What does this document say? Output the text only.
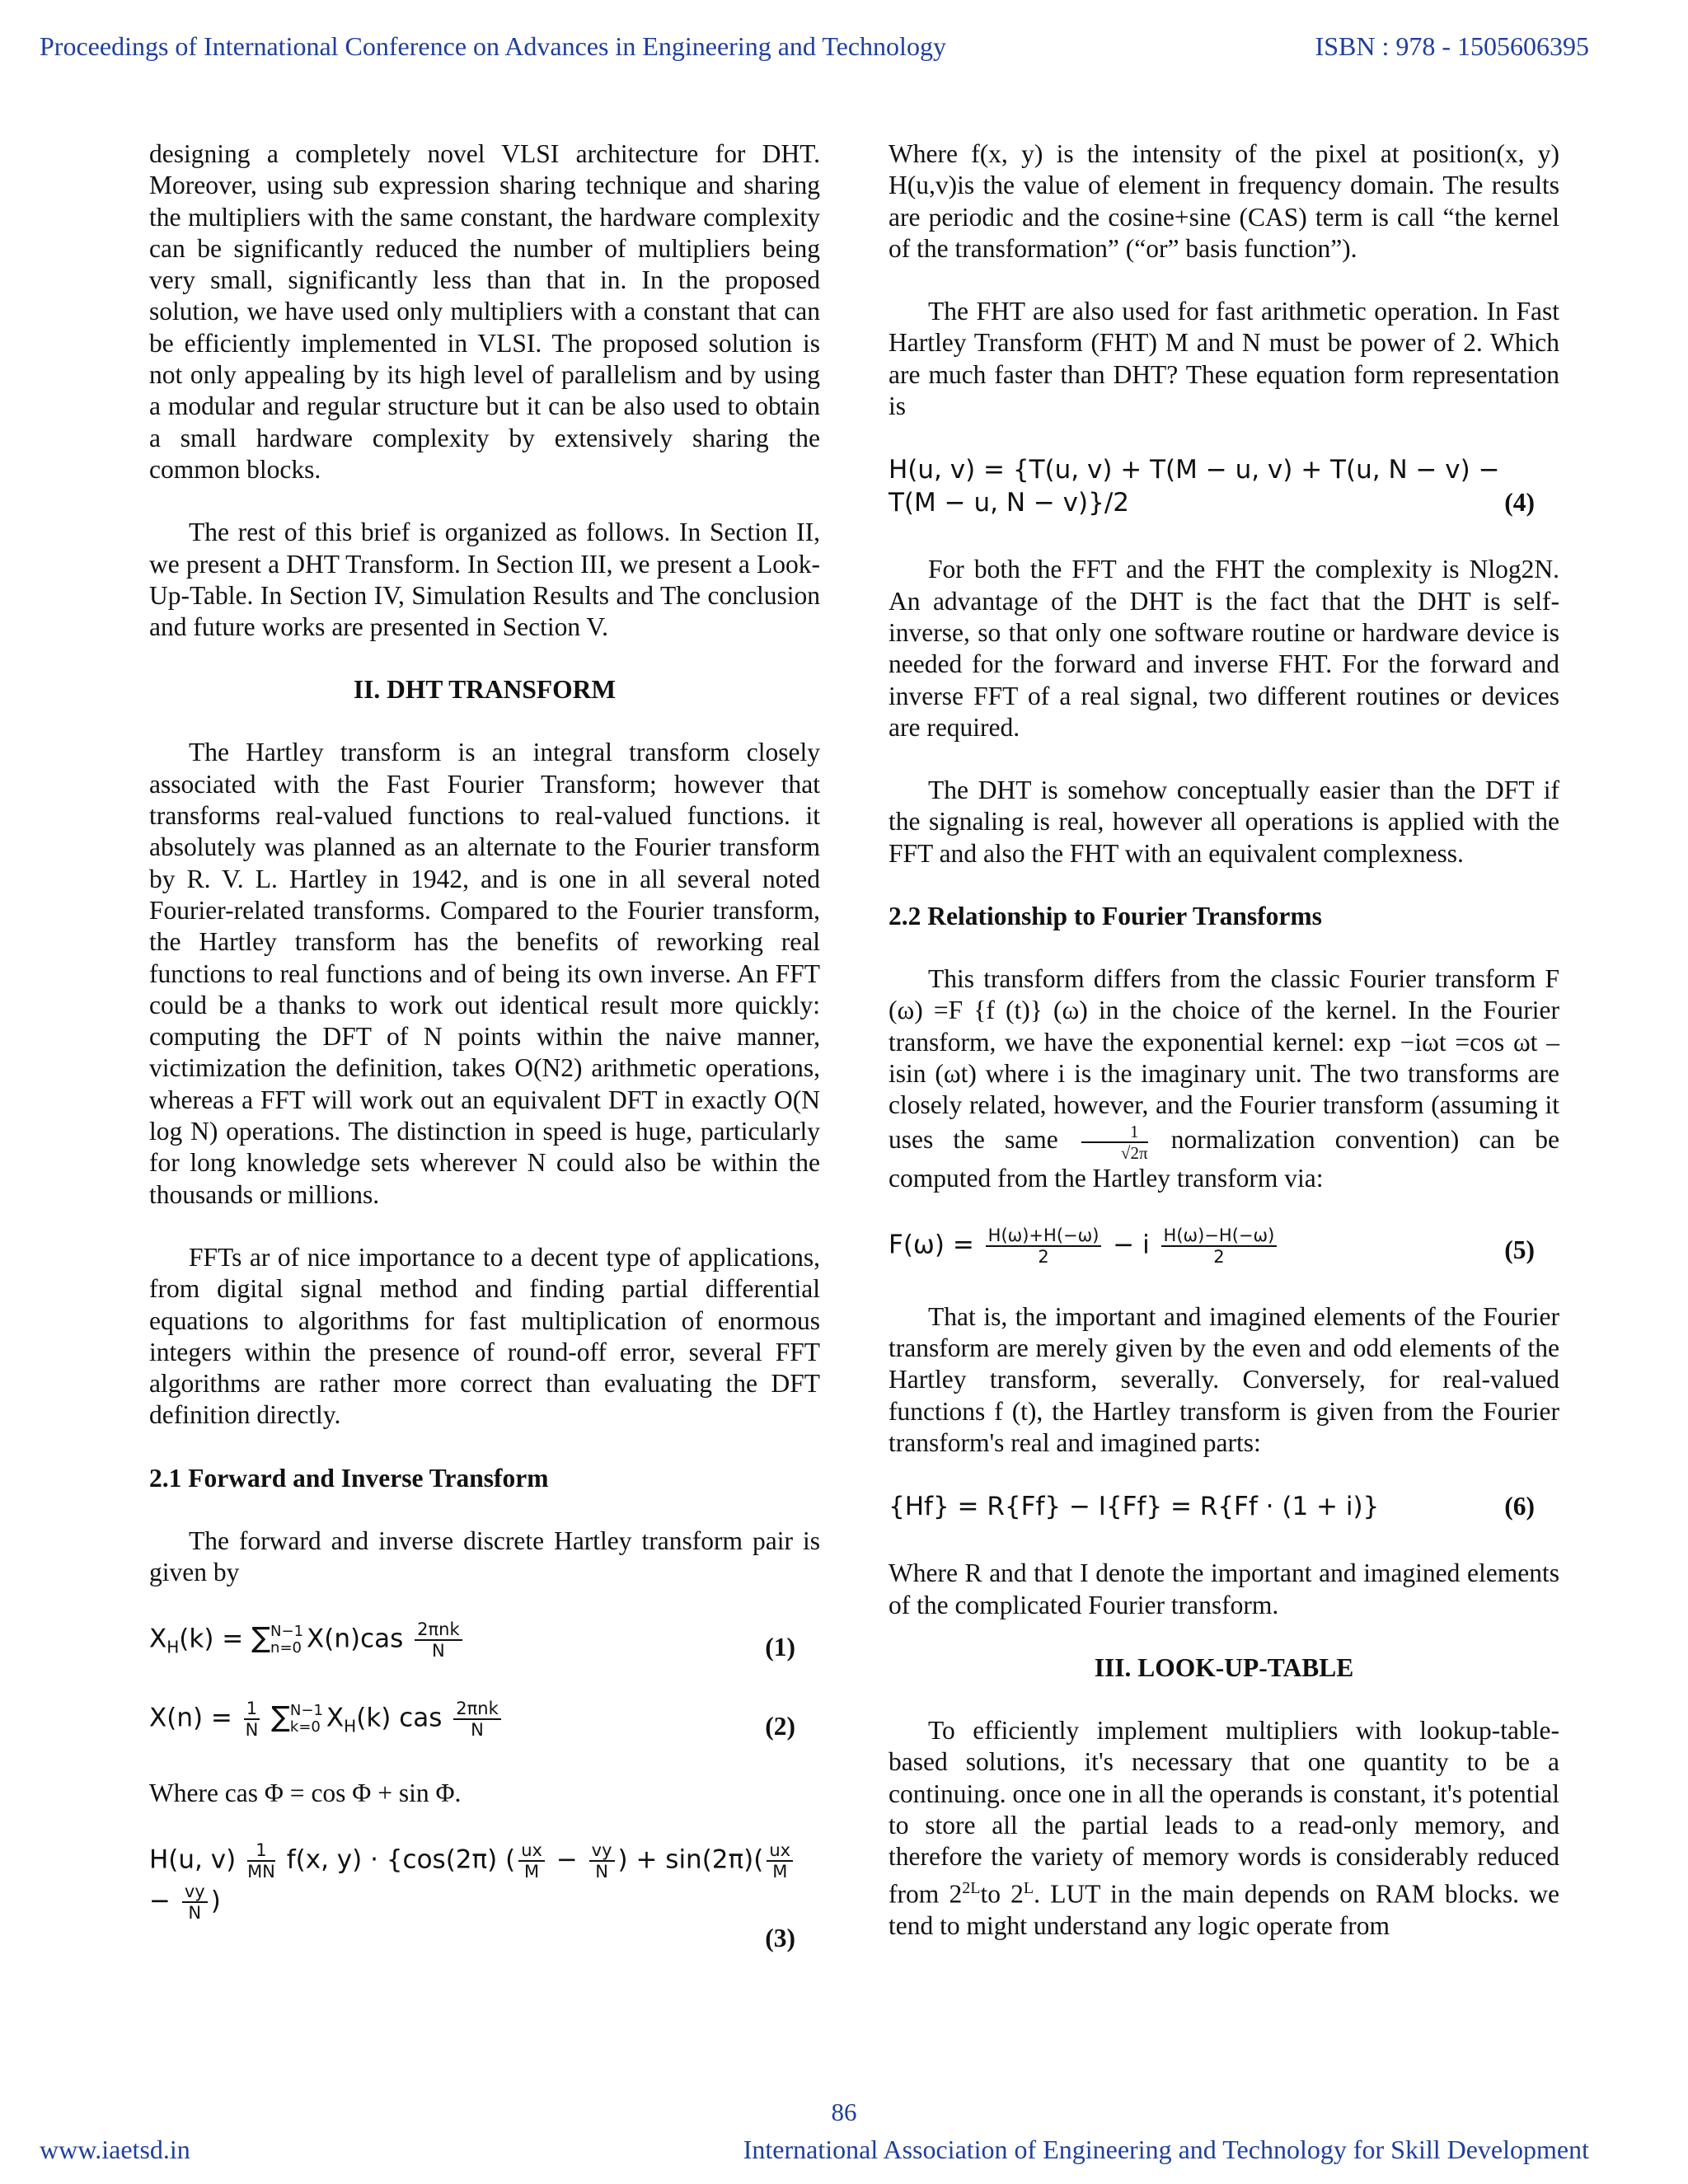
Proceedings of International Conference on Advances in Engineering and Technology	ISBN : 978 - 1505606395

designing a completely novel VLSI architecture for DHT. Moreover, using sub expression sharing technique and sharing the multipliers with the same constant, the hardware complexity can be significantly reduced the number of multipliers being very small, significantly less than that in. In the proposed solution, we have used only multipliers with a constant that can be efficiently implemented in VLSI. The proposed solution is not only appealing by its high level of parallelism and by using a modular and regular structure but it can be also used to obtain a small hardware complexity by extensively sharing the common blocks.

The rest of this brief is organized as follows. In Section II, we present a DHT Transform. In Section III, we present a Look-Up-Table. In Section IV, Simulation Results and The conclusion and future works are presented in Section V.

II. DHT TRANSFORM

The Hartley transform is an integral transform closely associated with the Fast Fourier Transform; however that transforms real-valued functions to real-valued functions. it absolutely was planned as an alternate to the Fourier transform by R. V. L. Hartley in 1942, and is one in all several noted Fourier-related transforms. Compared to the Fourier transform, the Hartley transform has the benefits of reworking real functions to real functions and of being its own inverse. An FFT could be a thanks to work out identical result more quickly: computing the DFT of N points within the naive manner, victimization the definition, takes O(N2) arithmetic operations, whereas a FFT will work out an equivalent DFT in exactly O(N log N) operations. The distinction in speed is huge, particularly for long knowledge sets wherever N could also be within the thousands or millions.

FFTs ar of nice importance to a decent type of applications, from digital signal method and finding partial differential equations to algorithms for fast multiplication of enormous integers within the presence of round-off error, several FFT algorithms are rather more correct than evaluating the DFT definition directly.

2.1 Forward and Inverse Transform

The forward and inverse discrete Hartley transform pair is given by

$X_H(k)$ = ∑ N−1
n=0 $X(n)cas \frac{\text{2πnk}}{N}$	(1)
$X(n) = \frac{1}{N}$ ∑ N−1
k=0 $X_H(k)$ cas $\frac{\text{2πnk}}{N}$	(2)

Where cas Φ = cos Φ + sin Φ.

H(u, $v) \frac{1}{MN} f(x$, y) · {cos(2π) ( $\frac{ux}{M} - \frac{vy}{N}$ ) + $\sin(2\pi)( \frac{ux}{M}$
− $\frac{vy}{N}$ )
(3)

Where f(x, y) is the intensity of the pixel at position(x, y) H(u,v)is the value of element in frequency domain. The results are periodic and the cosine+sine (CAS) term is call “the kernel of the transformation” (“or” basis function”).

The FHT are also used for fast arithmetic operation. In Fast Hartley Transform (FHT) M and N must be power of 2. Which are much faster than DHT? These equation form representation is

H(u, v) = {T(u, v) + T(M − u, v) + T(u, N − v) −
T(M − u, N − v)}/2	(4)

For both the FFT and the FHT the complexity is Nlog2N. An advantage of the DHT is the fact that the DHT is self-inverse, so that only one software routine or hardware device is needed for the forward and inverse FHT. For the forward and inverse FFT of a real signal, two different routines or devices are required.

The DHT is somehow conceptually easier than the DFT if the signaling is real, however all operations is applied with the FFT and also the FHT with an equivalent complexness.

2.2 Relationship to Fourier Transforms

This transform differs from the classic Fourier transform F (ω) =Ϝ {f (t)} (ω) in the choice of the kernel. In the Fourier transform, we have the exponential kernel: exp −iωt =cos ωt –isin (ωt) where i is the imaginary unit. The two transforms are closely related, however, and the Fourier transform (assuming it uses the same $\frac{1}{√2\pi}$ normalization convention) can be computed from the Hartley transform via:

$F(\omega) = \frac{H(\omega)+H(-\omega)}{2} - i \frac{H(\omega)-H(-\omega)}{2}$	(5)

That is, the important and imagined elements of the Fourier transform are merely given by the even and odd elements of the Hartley transform, severally. Conversely, for real-valued functions f (t), the Hartley transform is given from the Fourier transform's real and imagined parts:

{Hf} = R{Ϝf} − I{Ϝf} = R{Ϝf · (1 + i)}	(6)

Where R and that I denote the important and imagined elements of the complicated Fourier transform.

III. LOOK-UP-TABLE

To efficiently implement multipliers with lookup-table-based solutions, it's necessary that one quantity to be a continuing. once one in all the operands is constant, it's potential to store all the partial leads to a read-only memory, and therefore the variety of memory words is considerably reduced from $2^{2L}to$ $2^L$. LUT in the main depends on RAM blocks. we tend to might understand any logic operate from

86
www.iaetsd.in	International Association of Engineering and Technology for Skill Development
